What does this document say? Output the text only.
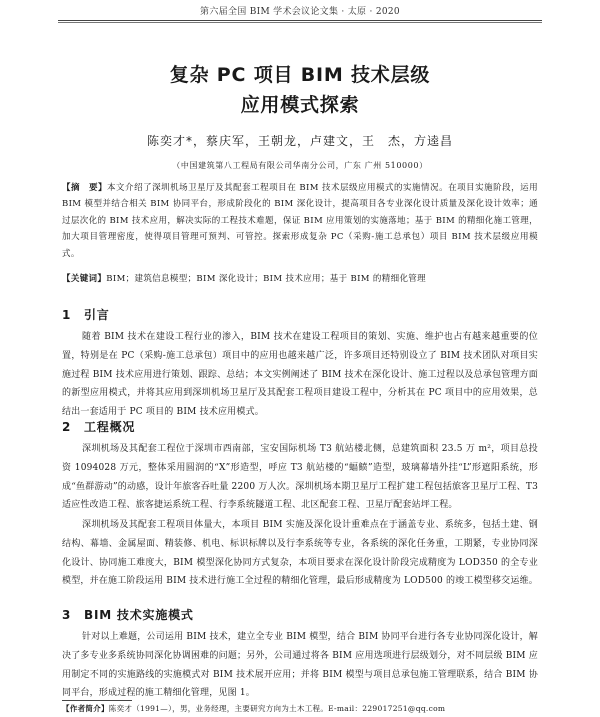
第六届全国 BIM 学术会议论文集 · 太原 · 2020
复杂 PC 项目 BIM 技术层级
应用模式探索
陈奕才*，蔡庆军，王朝龙，卢建文，王　杰，方逵昌
（中国建筑第八工程局有限公司华南分公司，广东 广州 510000）
【摘　要】本文介绍了深圳机场卫星厅及其配套工程项目在 BIM 技术层级应用模式的实施情况。在项目实施阶段，运用 BIM 模型并结合相关 BIM 协同平台，形成阶段化的 BIM 深化设计，提高项目各专业深化设计质量及深化设计效率；通过层次化的 BIM 技术应用，解决实际的工程技术难题，保证 BIM 应用策划的实施落地；基于 BIM 的精细化施工管理，加大项目管理密度，使得项目管理可预判、可管控。探索形成复杂 PC（采购-施工总承包）项目 BIM 技术层级应用模式。
【关键词】BIM；建筑信息模型；BIM 深化设计；BIM 技术应用；基于 BIM 的精细化管理
1 引言
随着 BIM 技术在建设工程行业的渗入，BIM 技术在建设工程项目的策划、实施、维护也占有越来越重要的位置，特别是在 PC（采购-施工总承包）项目中的应用也越来越广泛，许多项目还特别设立了 BIM 技术团队对项目实施过程 BIM 技术应用进行策划、跟踪、总结；本文实例阐述了 BIM 技术在深化设计、施工过程以及总承包管理方面的新型应用模式，并将其应用到深圳机场卫星厅及其配套工程项目建设工程中，分析其在 PC 项目中的应用效果，总结出一套适用于 PC 项目的 BIM 技术应用模式。
2 工程概况
深圳机场及其配套工程位于深圳市西南部，宝安国际机场 T3 航站楼北侧，总建筑面积 23.5 万 m²，项目总投资 1094028 万元，整体采用圆润的“X”形造型，呼应 T3 航站楼的“蝠鲼”造型，玻璃幕墙外挂“L”形遮阳系统，形成“鱼群游动”的动感，设计年旅客吞吐量 2200 万人次。深圳机场本期卫星厅工程扩建工程包括旅客卫星厅工程、T3 适应性改造工程、旅客捷运系统工程、行李系统隧道工程、北区配套工程、卫星厅配套站坪工程。
深圳机场及其配套工程项目体量大，本项目 BIM 实施及深化设计重难点在于涵盖专业、系统多，包括土建、钢结构、幕墙、金属屋面、精装修、机电、标识标牌以及行李系统等专业，各系统的深化任务重，工期紧，专业协同深化设计、协同施工难度大，BIM 模型深化协同方式复杂，本项目要求在深化设计阶段完成精度为 LOD350 的全专业模型，并在施工阶段运用 BIM 技术进行施工全过程的精细化管理，最后形成精度为 LOD500 的竣工模型移交运维。
3 BIM 技术实施模式
针对以上难题，公司运用 BIM 技术，建立全专业 BIM 模型，结合 BIM 协同平台进行各专业协同深化设计，解决了多专业多系统协同深化协调困难的问题；另外，公司通过将各 BIM 应用选项进行层级划分，对不同层级 BIM 应用制定不同的实施路线的实施模式对 BIM 技术展开应用；并将 BIM 模型与项目总承包施工管理联系，结合 BIM 协同平台，形成过程的施工精细化管理，见图 1。
【作者简介】陈奕才（1991—），男，业务经理，主要研究方向为土木工程。E-mail：229017251@qq.com
